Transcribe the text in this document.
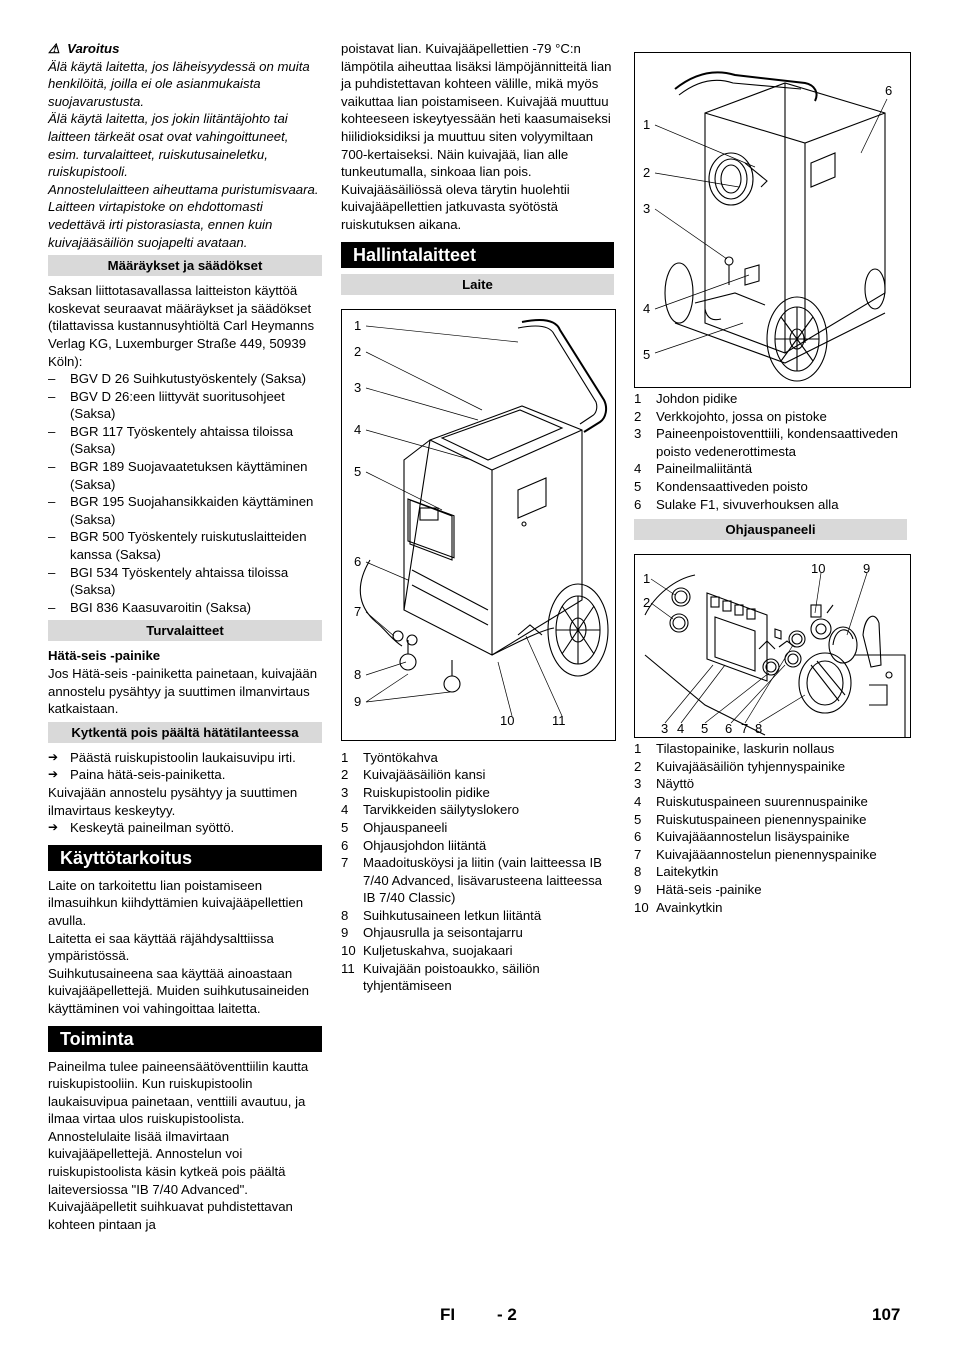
⚠ Varoitus

Älä käytä laitetta, jos läheisyydessä on muita henkilöitä, joilla ei ole asianmukaista suojavarustusta.

Älä käytä laitetta, jos jokin liitäntäjohto tai laitteen tärkeät osat ovat vahingoittuneet, esim. turvalaitteet, ruiskutusaineletku, ruiskupistooli.

Annostelulaitteen aiheuttama puristumisvaara. Laitteen virtapistoke on ehdottomasti vedettävä irti pistorasiasta, ennen kuin kuivajääsäiliön suojapelti avataan.

Määräykset ja säädökset

Saksan liittotasavallassa laitteiston käyttöä koskevat seuraavat määräykset ja säädökset (tilattavissa kustannusyhtiöltä Carl Heymanns Verlag KG, Luxemburger Straße 449, 50939 Köln):

– BGV D 26 Suihkutustyöskentely (Saksa)
– BGV D 26:een liittyvät suoritusohjeet (Saksa)
– BGR 117 Työskentely ahtaissa tiloissa (Saksa)
– BGR 189 Suojavaatetuksen käyttäminen (Saksa)
– BGR 195 Suojahansikkaiden käyttäminen (Saksa)
– BGR 500 Työskentely ruiskutuslaitteiden kanssa (Saksa)
– BGI 534 Työskentely ahtaissa tiloissa (Saksa)
– BGI 836 Kaasuvaroitin (Saksa)
Turvalaitteet

Hätä-seis -painike

Jos Hätä-seis -painiketta painetaan, kuivajään annostelu pysähtyy ja suuttimen ilmanvirtaus katkaistaan.

Kytkentä pois päältä hätätilanteessa

➔ Päästä ruiskupistoolin laukaisuvipu irti.

➔ Paina hätä-seis-painiketta.

Kuivajään annostelu pysähtyy ja suuttimen ilmavirtaus keskeytyy.

➔ Keskeytä paineilman syöttö.

Käyttötarkoitus

Laite on tarkoitettu lian poistamiseen ilmasuihkun kiihdyttämien kuivajääpellettien avulla.

Laitetta ei saa käyttää räjähdysalttiissa ympäristössä.

Suihkutusaineena saa käyttää ainoastaan kuivajääpellettejä. Muiden suihkutusaineiden käyttäminen voi vahingoittaa laitetta.

Toiminta

Paineilma tulee paineensäätöventtiilin kautta ruiskupistooliin. Kun ruiskupistoolin laukaisuvipua painetaan, venttiili avautuu, ja ilmaa virtaa ulos ruiskupistoolista. Annostelulaite lisää ilmavirtaan kuivajääpellettejä. Annostelun voi ruiskupistoolista käsin kytkeä pois päältä laiteversiossa "IB 7/40 Advanced". Kuivajääpelletit suihkuavat puhdistettavan kohteen pintaan ja

poistavat lian. Kuivajääpellettien -79 °C:n lämpötila aiheuttaa lisäksi lämpöjännitteitä lian ja puhdistettavan kohteen välille, mikä myös vaikuttaa lian poistamiseen. Kuivajää muuttuu kohteeseen iskeytyessään heti kaasumaiseksi hiilidioksidiksi ja muuttuu siten volyymiltaan 700-kertaiseksi. Näin kuivajää, lian alle tunkeutumalla, sinkoaa lian pois.

Kuivajääsäiliössä oleva tärytin huolehtii kuivajääpellettien jatkuvasta syötöstä ruiskutuksen aikana.

Hallintalaitteet
Laite
1
2
3
4
5
6
7
8
9
10	11
1 Työntökahva
2 Kuivajääsäiliön kansi
3 Ruiskupistoolin pidike
4 Tarvikkeiden säilytyslokero
5 Ohjauspaneeli
6 Ohjausjohdon liitäntä
7 Maadoitusköysi ja liitin (vain laitteessa IB 7/40 Advanced, lisävarusteena laitteessa IB 7/40 Classic)
8 Suihkutusaineen letkun liitäntä
9 Ohjausrulla ja seisontajarru
10 Kuljetuskahva, suojakaari
11 Kuivajään poistoaukko, säiliön tyhjentämiseen
1
2
3
4
5
6
1 Johdon pidike
2 Verkkojohto, jossa on pistoke
3 Paineenpoistoventtiili, kondensaattiveden poisto vedenerottimesta
4 Paineilmaliitäntä
5 Kondensaattiveden poisto
6 Sulake F1, sivuverhouksen alla
Ohjauspaneeli
1
2
10	9
3 4 5 6 7 8
1 Tilastopainike, laskurin nollaus
2 Kuivajääsäiliön tyhjennyspainike
3 Näyttö
4 Ruiskutuspaineen suurennuspainike
5 Ruiskutuspaineen pienennyspainike
6 Kuivajääannostelun lisäyspainike
7 Kuivajääannostelun pienennyspainike
8 Laitekytkin
9 Hätä-seis -painike
10 Avainkytkin
FI - 2	107
